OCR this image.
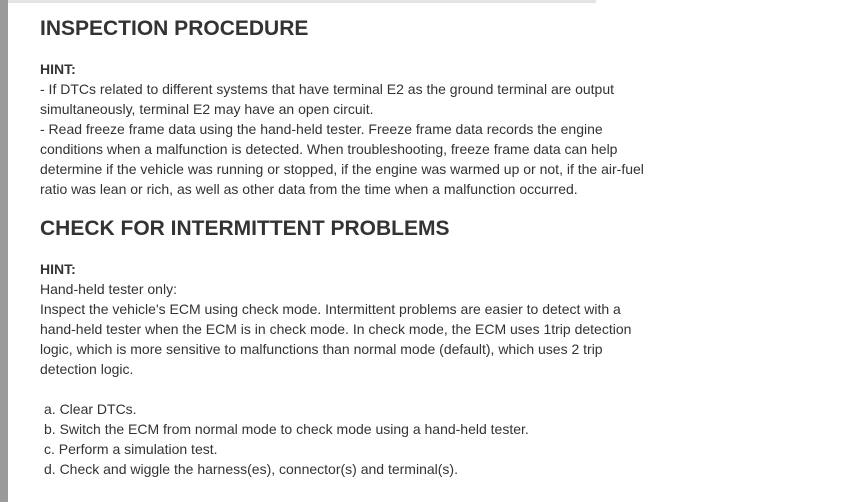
INSPECTION PROCEDURE
HINT:

- If DTCs related to different systems that have terminal E2 as the ground terminal are output simultaneously, terminal E2 may have an open circuit.

- Read freeze frame data using the hand-held tester. Freeze frame data records the engine conditions when a malfunction is detected. When troubleshooting, freeze frame data can help determine if the vehicle was running or stopped, if the engine was warmed up or not, if the air-fuel ratio was lean or rich, as well as other data from the time when a malfunction occurred.

CHECK FOR INTERMITTENT PROBLEMS
HINT:

Hand-held tester only:

Inspect the vehicle's ECM using check mode. Intermittent problems are easier to detect with a hand-held tester when the ECM is in check mode. In check mode, the ECM uses 1trip detection logic, which is more sensitive to malfunctions than normal mode (default), which uses 2 trip detection logic.

a. Clear DTCs.

b. Switch the ECM from normal mode to check mode using a hand-held tester.

c. Perform a simulation test.

d. Check and wiggle the harness(es), connector(s) and terminal(s).
